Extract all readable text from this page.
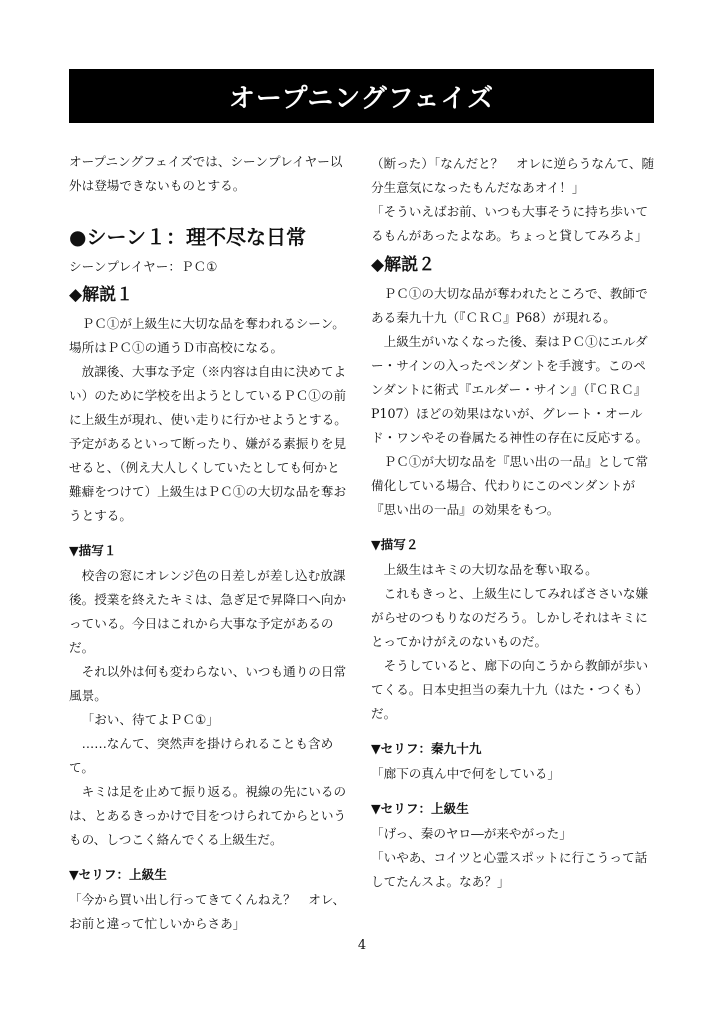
オープニングフェイズ

オープニングフェイズでは、シーンプレイヤー以外は登場できないものとする。

●シーン１：理不尽な日常

シーンプレイヤー：ＰＣ①

◆解説１

ＰＣ①が上級生に大切な品を奪われるシーン。場所はＰＣ①の通うＤ市高校になる。

放課後、大事な予定（※内容は自由に決めてよい）のために学校を出ようとしているＰＣ①の前に上級生が現れ、使い走りに行かせようとする。予定があるといって断ったり、嫌がる素振りを見せると、（例え大人しくしていたとしても何かと難癖をつけて）上級生はＰＣ①の大切な品を奪おうとする。

▼描写１

校舎の窓にオレンジ色の日差しが差し込む放課後。授業を終えたキミは、急ぎ足で昇降口へ向かっている。今日はこれから大事な予定があるのだ。

それ以外は何も変わらない、いつも通りの日常風景。

「おい、待てよＰＣ①」

……なんて、突然声を掛けられることも含めて。

キミは足を止めて振り返る。視線の先にいるのは、とあるきっかけで目をつけられてからというもの、しつこく絡んでくる上級生だ。

▼セリフ：上級生

「今から買い出し行ってきてくんねえ？　オレ、お前と違って忙しいからさあ」

（断った）「なんだと？　オレに逆らうなんて、随分生意気になったもんだなあオイ！」

「そういえばお前、いつも大事そうに持ち歩いてるもんがあったよなあ。ちょっと貸してみろよ」

◆解説２

ＰＣ①の大切な品が奪われたところで、教師である秦九十九（『ＣＲＣ』P68）が現れる。

上級生がいなくなった後、秦はＰＣ①にエルダー・サインの入ったペンダントを手渡す。このペンダントに術式『エルダー・サイン』（『ＣＲＣ』P107）ほどの効果はないが、グレート・オールド・ワンやその眷属たる神性の存在に反応する。

ＰＣ①が大切な品を『思い出の一品』として常備化している場合、代わりにこのペンダントが『思い出の一品』の効果をもつ。

▼描写２

上級生はキミの大切な品を奪い取る。

これもきっと、上級生にしてみればささいな嫌がらせのつもりなのだろう。しかしそれはキミにとってかけがえのないものだ。

そうしていると、廊下の向こうから教師が歩いてくる。日本史担当の秦九十九（はた・つくも）だ。

▼セリフ：秦九十九

「廊下の真ん中で何をしている」

▼セリフ：上級生

「げっ、秦のヤロ―が来やがった」

「いやあ、コイツと心霊スポットに行こうって話してたんスよ。なあ？」

4
